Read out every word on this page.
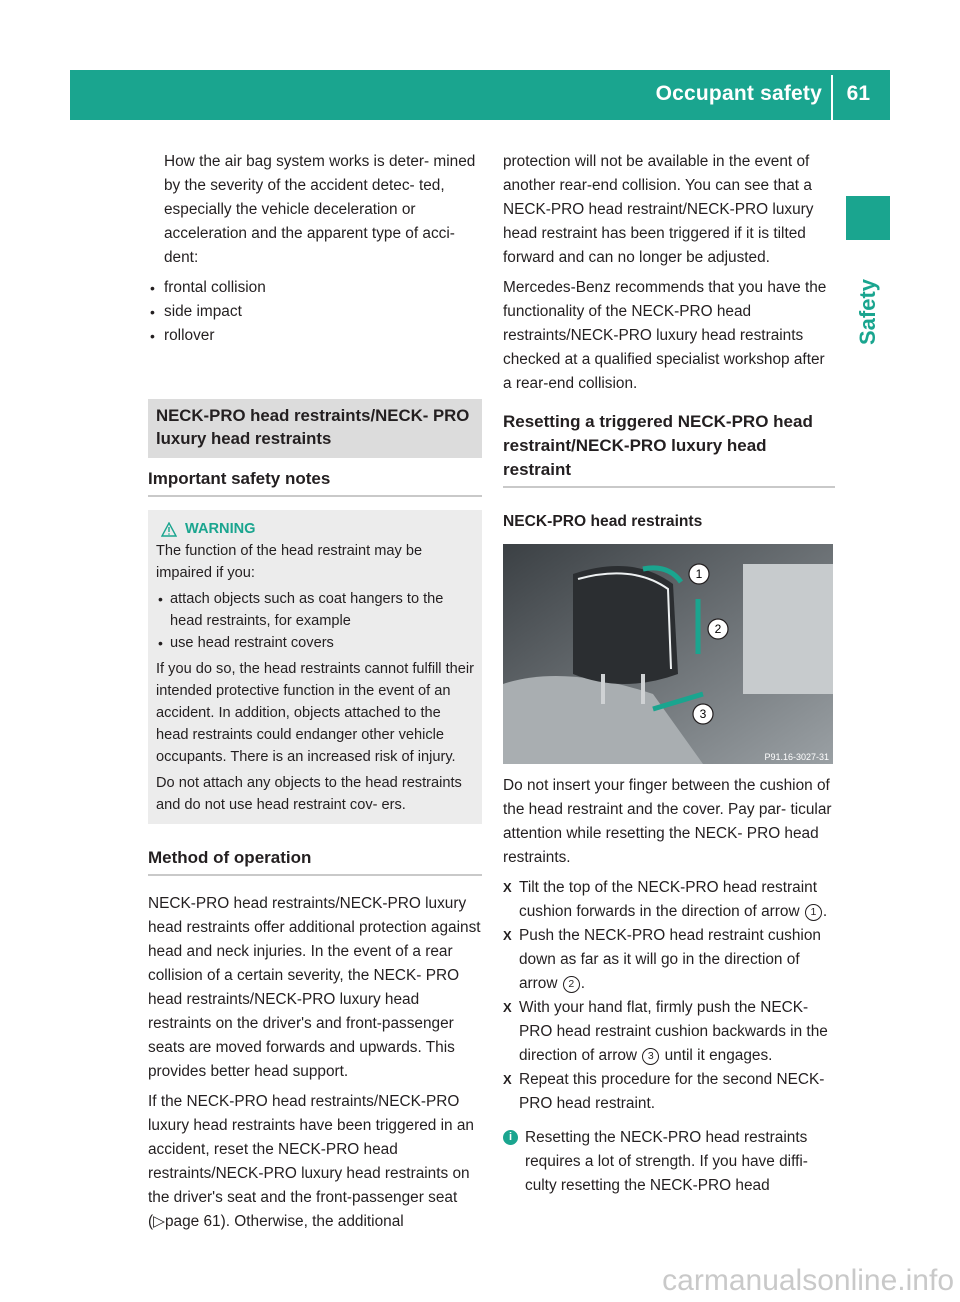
Occupant safety 61
Safety

How the air bag system works is deter- mined by the severity of the accident detec- ted, especially the vehicle deceleration or acceleration and the apparent type of acci- dent:

• frontal collision
• side impact
• rollover
NECK-PRO head restraints/NECK- PRO luxury head restraints
Important safety notes
WARNING

The function of the head restraint may be impaired if you:

• attach objects such as coat hangers to the head restraints, for example
• use head restraint covers

If you do so, the head restraints cannot fulfill their intended protective function in the event of an accident. In addition, objects attached to the head restraints could endanger other vehicle occupants. There is an increased risk of injury.

Do not attach any objects to the head restraints and do not use head restraint cov- ers.

Method of operation

NECK-PRO head restraints/NECK-PRO luxury head restraints offer additional protection against head and neck injuries. In the event of a rear collision of a certain severity, the NECK- PRO head restraints/NECK-PRO luxury head restraints on the driver's and front-passenger seats are moved forwards and upwards. This provides better head support.

If the NECK-PRO head restraints/NECK-PRO luxury head restraints have been triggered in an accident, reset the NECK-PRO head restraints/NECK-PRO luxury head restraints on the driver's seat and the front-passenger seat (▷page 61). Otherwise, the additional

protection will not be available in the event of another rear-end collision. You can see that a NECK-PRO head restraint/NECK-PRO luxury head restraint has been triggered if it is tilted forward and can no longer be adjusted.

Mercedes-Benz recommends that you have the functionality of the NECK-PRO head restraints/NECK-PRO luxury head restraints checked at a qualified specialist workshop after a rear-end collision.

Resetting a triggered NECK-PRO head restraint/NECK-PRO luxury head restraint
NECK-PRO head restraints
1
2
3
P91.16-3027-31

Do not insert your finger between the cushion of the head restraint and the cover. Pay par- ticular attention while resetting the NECK- PRO head restraints.

X Tilt the top of the NECK-PRO head restraint cushion forwards in the direction of arrow 1 .
X Push the NECK-PRO head restraint cushion down as far as it will go in the direction of arrow 2 .
X With your hand flat, firmly push the NECK- PRO head restraint cushion backwards in the direction of arrow 3 until it engages.
X Repeat this procedure for the second NECK-PRO head restraint.
i Resetting the NECK-PRO head restraints requires a lot of strength. If you have diffi- culty resetting the NECK-PRO head
carmanualsonline.info
